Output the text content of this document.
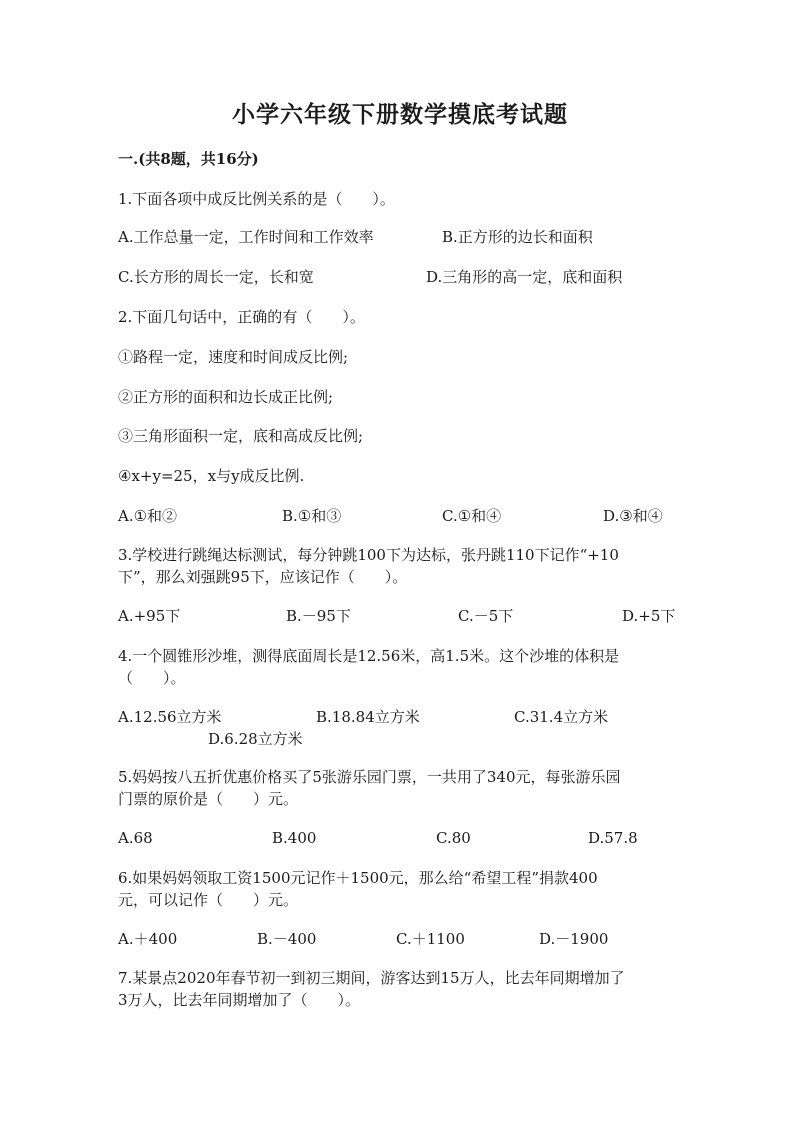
小学六年级下册数学摸底考试题
一.(共8题，共16分)
1.下面各项中成反比例关系的是（　　）。
A.工作总量一定，工作时间和工作效率	B.正方形的边长和面积
C.长方形的周长一定，长和宽	D.三角形的高一定，底和面积
2.下面几句话中，正确的有（　　）。
①路程一定，速度和时间成反比例;
②正方形的面积和边长成正比例;
③三角形面积一定，底和高成反比例;
④x+y=25，x与y成反比例.
A.①和②	B.①和③	C.①和④	D.③和④
3.学校进行跳绳达标测试，每分钟跳100下为达标，张丹跳110下记作“+10
下”，那么刘强跳95下，应该记作（　　）。
A.+95下	B.－95下	C.－5下	D.+5下
4.一个圆锥形沙堆，测得底面周长是12.56米，高1.5米。这个沙堆的体积是
（　　）。
A.12.56立方米	B.18.84立方米	C.31.4立方米
D.6.28立方米
5.妈妈按八五折优惠价格买了5张游乐园门票，一共用了340元，每张游乐园
门票的原价是（　　）元。
A.68	B.400	C.80	D.57.8
6.如果妈妈领取工资1500元记作＋1500元，那么给“希望工程”捐款400
元，可以记作（　　）元。
A.＋400	B.－400	C.＋1100	D.－1900
7.某景点2020年春节初一到初三期间，游客达到15万人，比去年同期增加了
3万人，比去年同期增加了（　　）。
